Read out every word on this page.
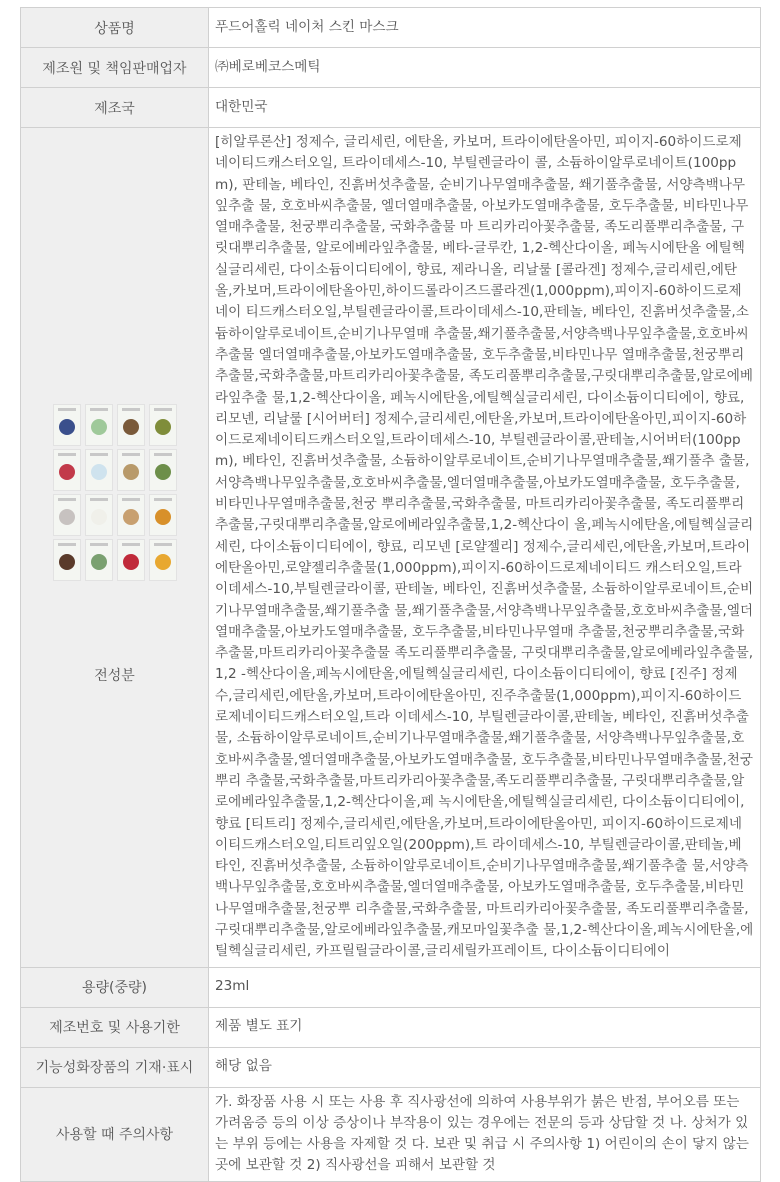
상품명	푸드어홀릭 네이처 스킨 마스크
제조원 및 책임판매업자	㈜베로베코스메틱
제조국	대한민국

전성분	[히알루론산] 정제수, 글리세린, 에탄올, 카보머, 트라이에탄올아민, 피이지-60하이드로제네이티드캐스터오일, 트라이데세스-10, 부틸렌글라이 콜, 소듐하이알루로네이트(100ppm), 판테놀, 베타인, 진흙버섯추출물, 순비기나무열매추출물, 쐐기풀추출물, 서양측백나무잎추출 물, 호호바씨추출물, 엘더열매추출물, 아보카도열매추출물, 호두추출물, 비타민나무열매추출물, 천궁뿌리추출물, 국화추출물 마 트리카리아꽃추출물, 족도리풀뿌리추출물, 구릿대뿌리추출물, 알로에베라잎추출물, 베타-글루칸, 1,2-헥산다이올, 페녹시에탄올 에틸헥실글리세린, 다이소듐이디티에이, 향료, 제라니올, 리날룰 [콜라겐] 정제수,글리세린,에탄올,카보머,트라이에탄올아민,하이드롤라이즈드콜라겐(1,000ppm),피이지-60하이드로제네이 티드캐스터오일,부틸렌글라이콜,트라이데세스-10,판테놀, 베타인, 진흙버섯추출물,소듐하이알루로네이트,순비기나무열매 추출물,쐐기풀추출물,서양측백나무잎추출물,호호바씨추출물 엘더열매추출물,아보카도열매추출물, 호두추출물,비타민나무 열매추출물,천궁뿌리추출물,국화추출물,마트리카리아꽃추출물, 족도리풀뿌리추출물,구릿대뿌리추출물,알로에베라잎추출 물,1,2-헥산다이올, 페녹시에탄올,에틸헥실글리세린, 다이소듐이디티에이, 향료, 리모넨, 리날룰 [시어버터] 정제수,글리세린,에탄올,카보머,트라이에탄올아민,피이지-60하이드로제네이티드캐스터오일,트라이데세스-10, 부틸렌글라이콜,판테놀,시어버터(100ppm), 베타인, 진흙버섯추출물, 소듐하이알루로네이트,순비기나무열매추출물,쐐기풀추 출물,서양측백나무잎추출물,호호바씨추출물,엘더열매추출물,아보카도열매추출물, 호두추출물, 비타민나무열매추출물,천궁 뿌리추출물,국화추출물, 마트리카리아꽃추출물, 족도리풀뿌리추출물,구릿대뿌리추출물,알로에베라잎추출물,1,2-헥산다이 올,페녹시에탄올,에틸헥실글리세린, 다이소듐이디티에이, 향료, 리모넨 [로얄젤리] 정제수,글리세린,에탄올,카보머,트라이에탄올아민,로얄젤리추출물(1,000ppm),피이지-60하이드로제네이티드 캐스터오일,트라이데세스-10,부틸렌글라이콜, 판테놀, 베타인, 진흙버섯추출물, 소듐하이알루로네이트,순비기나무열매추출물,쐐기풀추출 물,쐐기풀추출물,서양측백나무잎추출물,호호바씨추출물,엘더열매추출물,아보카도열매추출물, 호두추출물,비타민나무열매 추출물,천궁뿌리추출물,국화추출물,마트리카리아꽃추출물 족도리풀뿌리추출물, 구릿대뿌리추출물,알로에베라잎추출물,1,2 -헥산다이올,페녹시에탄올,에틸헥실글리세린, 다이소듐이디티에이, 향료 [진주] 정제수,글리세린,에탄올,카보머,트라이에탄올아민, 진주추출물(1,000ppm),피이지-60하이드로제네이티드캐스터오일,트라 이데세스-10, 부틸렌글라이콜,판테놀, 베타인, 진흙버섯추출물, 소듐하이알루로네이트,순비기나무열매추출물,쐐기풀추출물, 서양측백나무잎추출물,호호바씨추출물,엘더열매추출물,아보카도열매추출물, 호두추출물,비타민나무열매추출물,천궁뿌리 추출물,국화추출물,마트리카리아꽃추출물,족도리풀뿌리추출물, 구릿대뿌리추출물,알로에베라잎추출물,1,2-헥산다이올,페 녹시에탄올,에틸헥실글리세린, 다이소듐이디티에이, 향료 [티트리] 정제수,글리세린,에탄올,카보머,트라이에탄올아민, 피이지-60하이드로제네이티드캐스터오일,티트리잎오일(200ppm),트 라이데세스-10, 부틸렌글라이콜,판테놀,베타인, 진흙버섯추출물, 소듐하이알루로네이트,순비기나무열매추출물,쐐기풀추출 물,서양측백나무잎추출물,호호바씨추출물,엘더열매추출물, 아보카도열매추출물, 호두추출물,비타민나무열매추출물,천궁뿌 리추출물,국화추출물, 마트리카리아꽃추출물, 족도리풀뿌리추출물,구릿대뿌리추출물,알로에베라잎추출물,캐모마일꽃추출 물,1,2-헥산다이올,페녹시에탄올,에틸헥실글리세린, 카프릴릴글라이콜,글리세릴카프레이트, 다이소듐이디티에이
용량(중량)	23ml
제조번호 및 사용기한	제품 별도 표기
기능성화장품의 기재·표시	해당 없음
사용할 때 주의사항	가. 화장품 사용 시 또는 사용 후 직사광선에 의하여 사용부위가 붉은 반점, 부어오름 또는 가려움증 등의 이상 증상이나 부작용이 있는 경우에는 전문의 등과 상담할 것 나. 상처가 있는 부위 등에는 사용을 자제할 것 다. 보관 및 취급 시 주의사항 1) 어린이의 손이 닿지 않는 곳에 보관할 것 2) 직사광선을 피해서 보관할 것
